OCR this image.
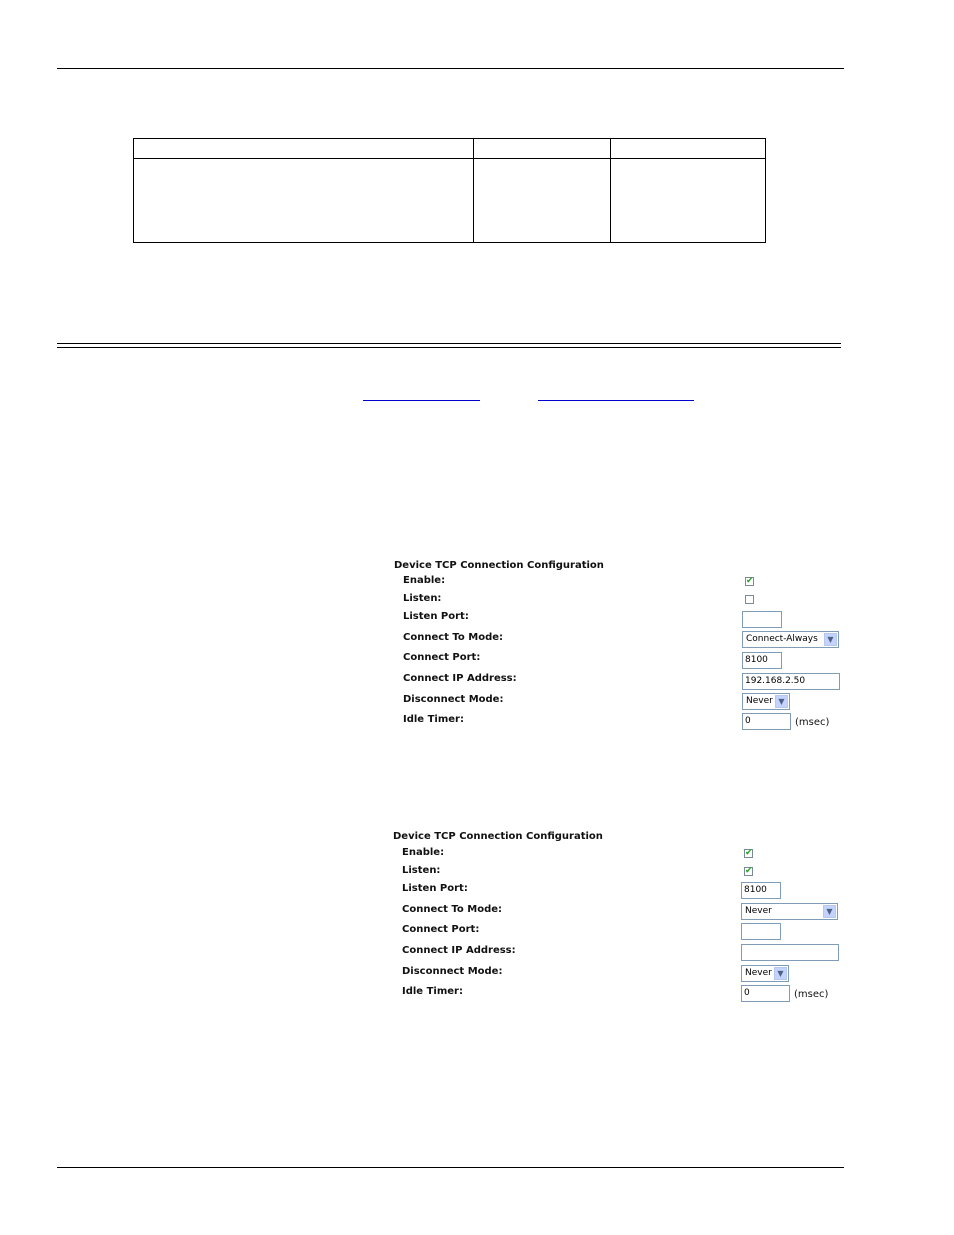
Device TCP Connection Configuration
Enable:	✔
Listen:
Listen Port:
Connect To Mode:	Connect-Always	▼
Connect Port:	8100
Connect IP Address:	192.168.2.50
Disconnect Mode:	Never ▼
Idle Timer:	0	(msec)
Device TCP Connection Configuration
Enable:	✔
Listen:	✔
Listen Port:	8100
Connect To Mode:	Never	▼
Connect Port:
Connect IP Address:
Disconnect Mode:	Never ▼
Idle Timer:	0	(msec)
